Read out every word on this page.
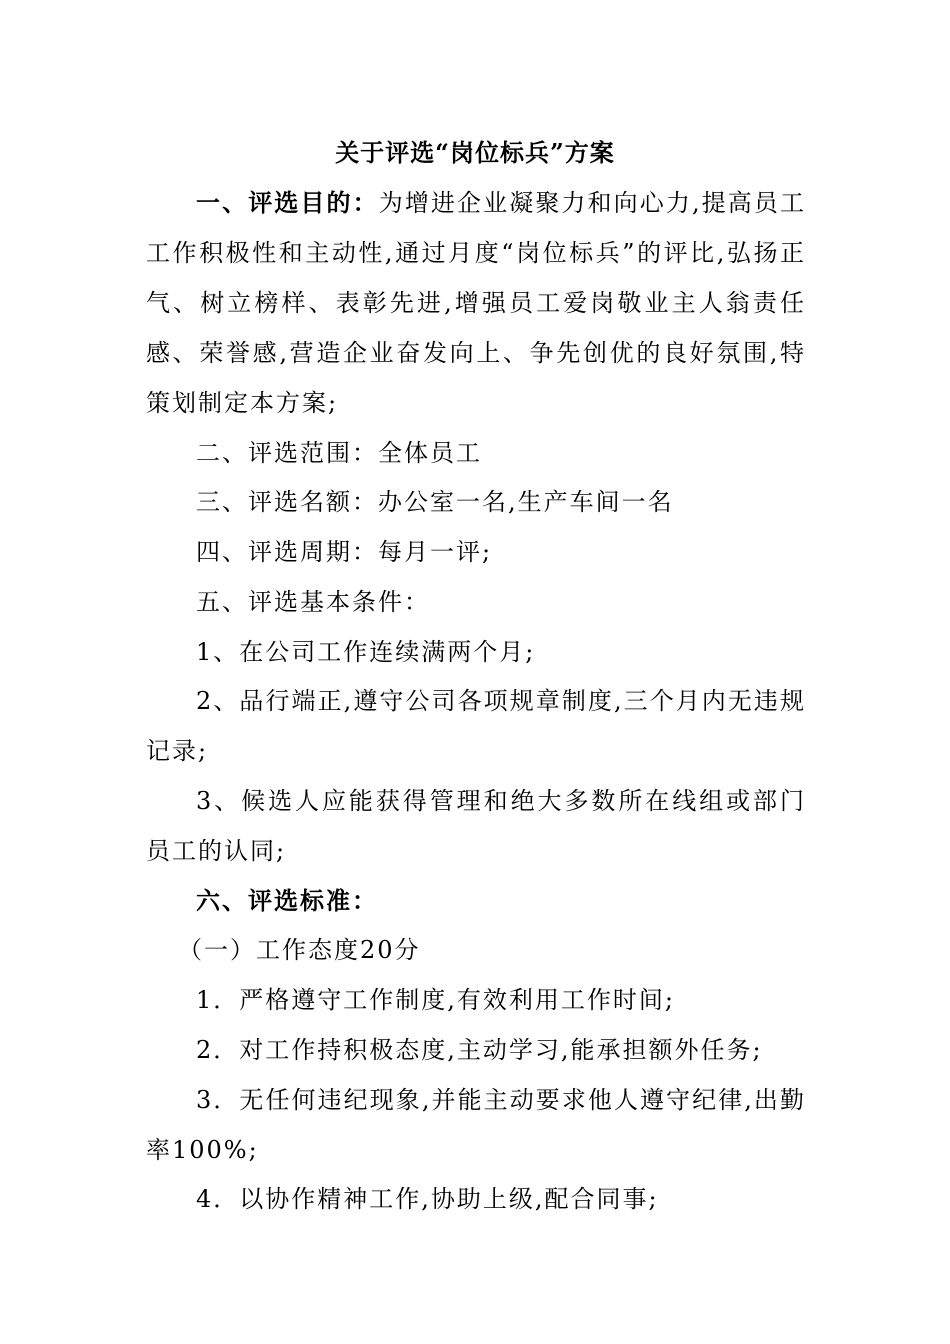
关于评选“岗位标兵”方案
一、评选目的：为增进企业凝聚力和向心力,提高员工工作积极性和主动性,通过月度“岗位标兵”的评比,弘扬正气、树立榜样、表彰先进,增强员工爱岗敬业主人翁责任感、荣誉感,营造企业奋发向上、争先创优的良好氛围,特策划制定本方案;
二、评选范围：全体员工
三、评选名额：办公室一名,生产车间一名
四、评选周期：每月一评;
五、评选基本条件：
1、在公司工作连续满两个月;
2、品行端正,遵守公司各项规章制度,三个月内无违规记录;
3、候选人应能获得管理和绝大多数所在线组或部门员工的认同;
六、评选标准：
（一）工作态度20分
1．严格遵守工作制度,有效利用工作时间;
2．对工作持积极态度,主动学习,能承担额外任务;
3．无任何违纪现象,并能主动要求他人遵守纪律,出勤率100%;
4．以协作精神工作,协助上级,配合同事;
